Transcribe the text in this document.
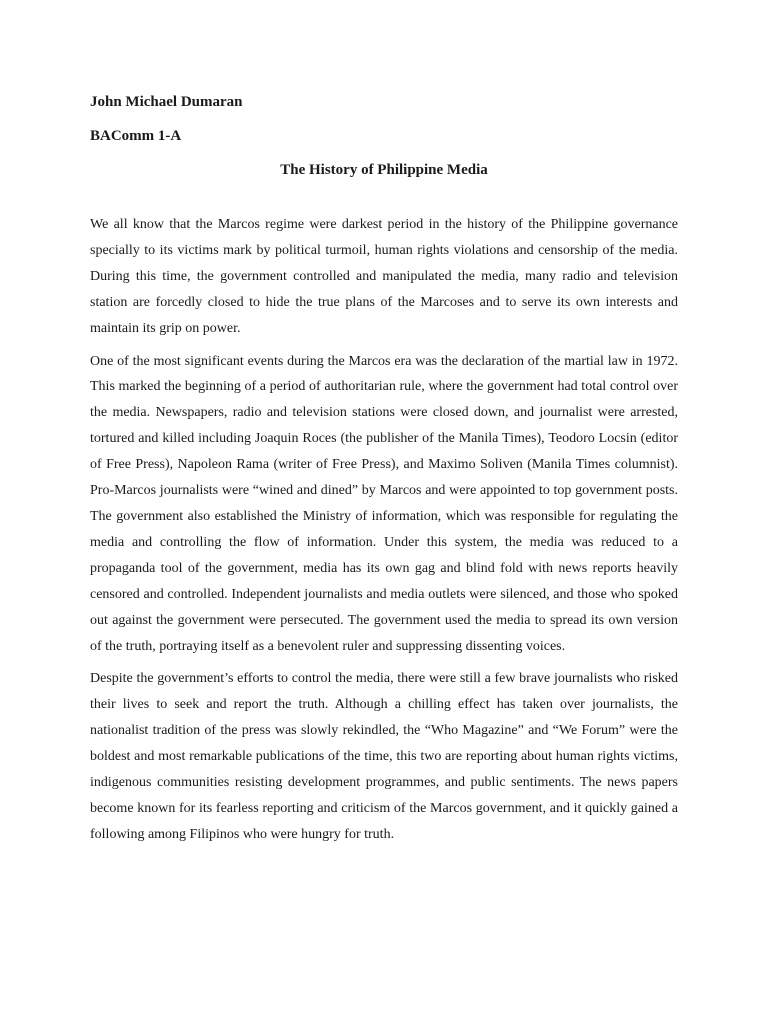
John Michael Dumaran

BAComm 1-A

The History of Philippine Media

We all know that the Marcos regime were darkest period in the history of the Philippine governance specially to its victims mark by political turmoil, human rights violations and censorship of the media. During this time, the government controlled and manipulated the media, many radio and television station are forcedly closed to hide the true plans of the Marcoses and to serve its own interests and maintain its grip on power.

One of the most significant events during the Marcos era was the declaration of the martial law in 1972. This marked the beginning of a period of authoritarian rule, where the government had total control over the media. Newspapers, radio and television stations were closed down, and journalist were arrested, tortured and killed including Joaquin Roces (the publisher of the Manila Times), Teodoro Locsin (editor of Free Press), Napoleon Rama (writer of Free Press), and Maximo Soliven (Manila Times columnist). Pro-Marcos journalists were “wined and dined” by Marcos and were appointed to top government posts. The government also established the Ministry of information, which was responsible for regulating the media and controlling the flow of information. Under this system, the media was reduced to a propaganda tool of the government, media has its own gag and blind fold with news reports heavily censored and controlled. Independent journalists and media outlets were silenced, and those who spoked out against the government were persecuted. The government used the media to spread its own version of the truth, portraying itself as a benevolent ruler and suppressing dissenting voices.

Despite the government’s efforts to control the media, there were still a few brave journalists who risked their lives to seek and report the truth. Although a chilling effect has taken over journalists, the nationalist tradition of the press was slowly rekindled, the “Who Magazine” and “We Forum” were the boldest and most remarkable publications of the time, this two are reporting about human rights victims, indigenous communities resisting development programmes, and public sentiments. The news papers become known for its fearless reporting and criticism of the Marcos government, and it quickly gained a following among Filipinos who were hungry for truth.
